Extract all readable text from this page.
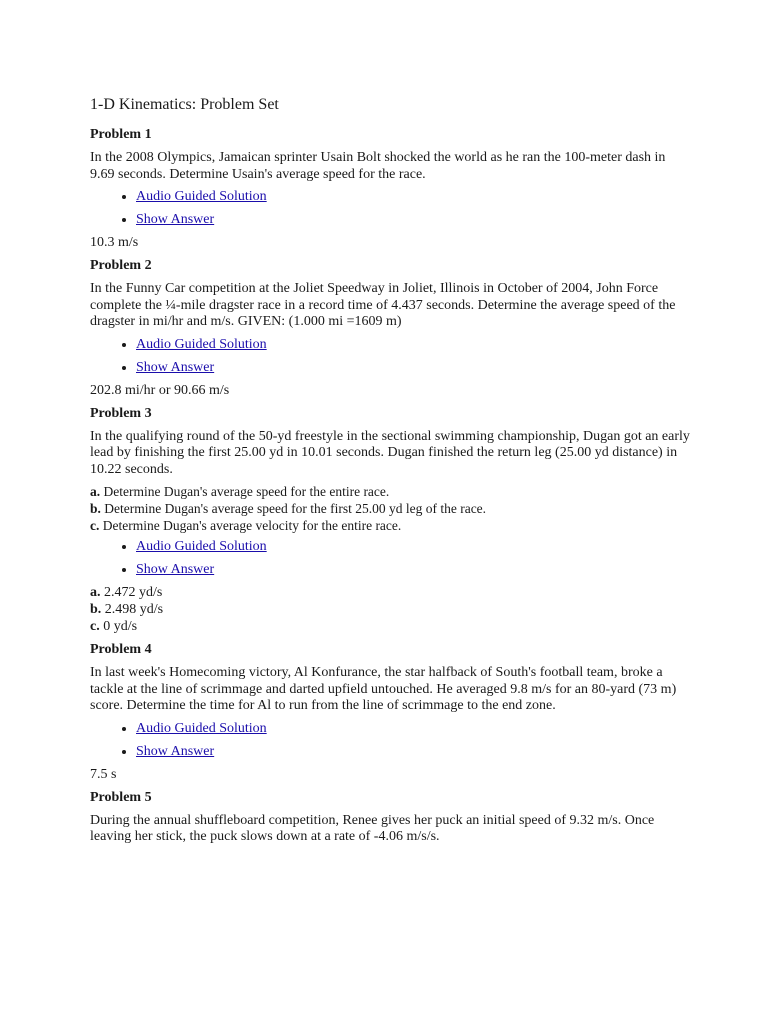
1-D Kinematics: Problem Set
Problem 1

In the 2008 Olympics, Jamaican sprinter Usain Bolt shocked the world as he ran the 100-meter dash in 9.69 seconds. Determine Usain's average speed for the race.

• Audio Guided Solution
• Show Answer
10.3 m/s
Problem 2

In the Funny Car competition at the Joliet Speedway in Joliet, Illinois in October of 2004, John Force complete the ¼-mile dragster race in a record time of 4.437 seconds. Determine the average speed of the dragster in mi/hr and m/s. GIVEN: (1.000 mi =1609 m)

• Audio Guided Solution
• Show Answer
202.8 mi/hr or 90.66 m/s
Problem 3

In the qualifying round of the 50-yd freestyle in the sectional swimming championship, Dugan got an early lead by finishing the first 25.00 yd in 10.01 seconds. Dugan finished the return leg (25.00 yd distance) in 10.22 seconds.

a. Determine Dugan's average speed for the entire race.
b. Determine Dugan's average speed for the first 25.00 yd leg of the race.
c. Determine Dugan's average velocity for the entire race.
• Audio Guided Solution
• Show Answer
a. 2.472 yd/s
b. 2.498 yd/s
c. 0 yd/s
Problem 4

In last week's Homecoming victory, Al Konfurance, the star halfback of South's football team, broke a tackle at the line of scrimmage and darted upfield untouched. He averaged 9.8 m/s for an 80-yard (73 m) score. Determine the time for Al to run from the line of scrimmage to the end zone.

• Audio Guided Solution
• Show Answer
7.5 s
Problem 5

During the annual shuffleboard competition, Renee gives her puck an initial speed of 9.32 m/s. Once leaving her stick, the puck slows down at a rate of -4.06 m/s/s.
